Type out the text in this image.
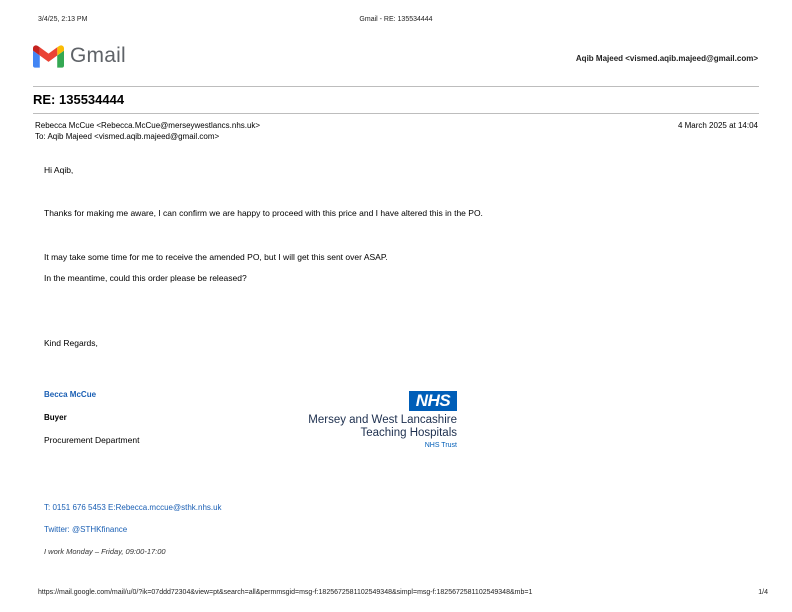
3/4/25, 2:13 PM	Gmail - RE: 135534444
Gmail	Aqib Majeed <vismed.aqib.majeed@gmail.com>
RE: 135534444
Rebecca McCue <Rebecca.McCue@merseywestlancs.nhs.uk>
To: Aqib Majeed <vismed.aqib.majeed@gmail.com>
4 March 2025 at 14:04
Hi Aqib,
Thanks for making me aware, I can confirm we are happy to proceed with this price and I have altered this in the PO.
It may take some time for me to receive the amended PO, but I will get this sent over ASAP.
In the meantime, could this order please be released?
Kind Regards,
Becca McCue
Buyer
Procurement Department
NHS
Mersey and West Lancashire
Teaching Hospitals
NHS Trust
T: 0151 676 5453 E:Rebecca.mccue@sthk.nhs.uk
Twitter: @STHKfinance
I work Monday – Friday, 09:00-17:00
https://mail.google.com/mail/u/0/?ik=07ddd72304&view=pt&search=all&permmsgid=msg-f:1825672581102549348&simpl=msg-f:1825672581102549348&mb=1	1/4
